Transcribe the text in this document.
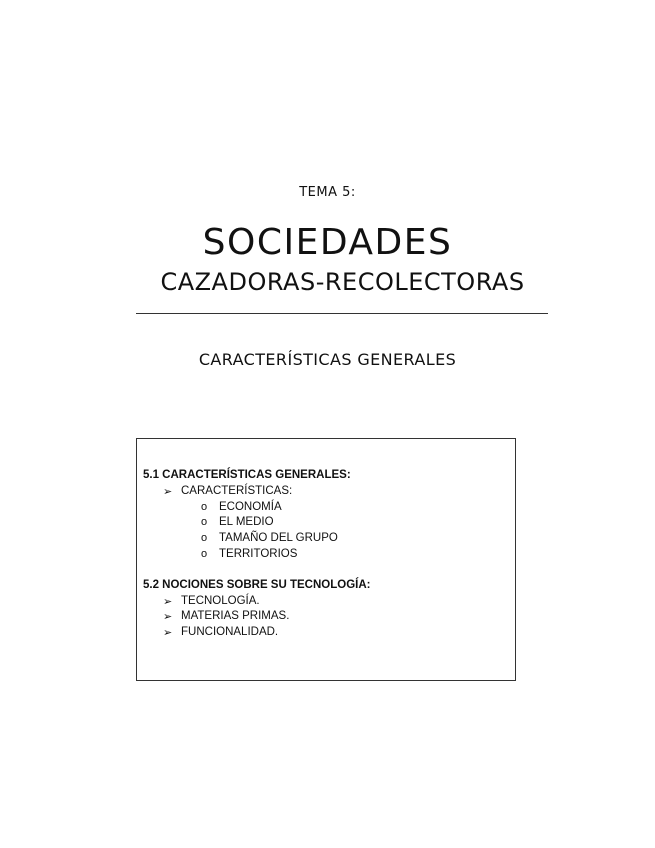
TEMA 5:
SOCIEDADES
CAZADORAS-RECOLECTORAS
CARACTERÍSTICAS GENERALES
5.1 CARACTERÍSTICAS GENERALES:
➢ CARACTERÍSTICAS:
o ECONOMÍA
o EL MEDIO
o TAMAÑO DEL GRUPO
o TERRITORIOS
5.2 NOCIONES SOBRE SU TECNOLOGÍA:
➢ TECNOLOGÍA.
➢ MATERIAS PRIMAS.
➢ FUNCIONALIDAD.
